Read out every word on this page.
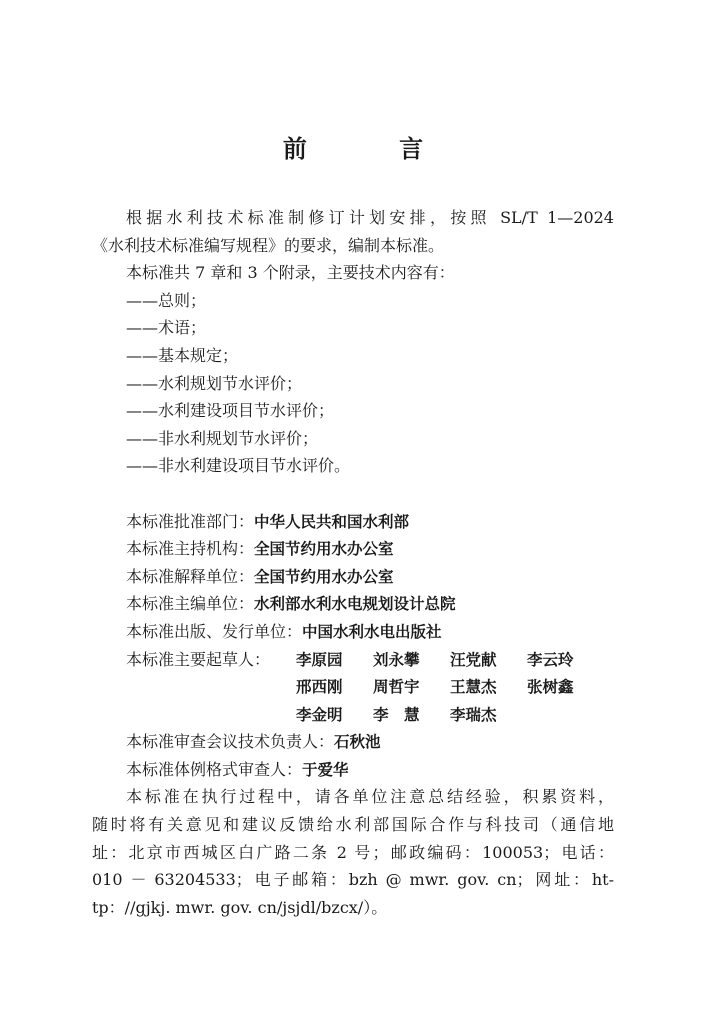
前 言
根据水利技术标准制修订计划安排，按照 SL/T 1—2024
《水利技术标准编写规程》的要求，编制本标准。
本标准共 7 章和 3 个附录，主要技术内容有：
——总则；
——术语；
——基本规定；
——水利规划节水评价；
——水利建设项目节水评价；
——非水利规划节水评价；
——非水利建设项目节水评价。
本标准批准部门：中华人民共和国水利部
本标准主持机构：全国节约用水办公室
本标准解释单位：全国节约用水办公室
本标准主编单位：水利部水利水电规划设计总院
本标准出版、发行单位：中国水利水电出版社
本标准主要起草人： 李原园 刘永攀 汪党献 李云玲
邢西刚 周哲宇 王慧杰 张树鑫
李金明 李　慧 李瑞杰
本标准审查会议技术负责人：石秋池
本标准体例格式审查人：于爱华
本标准在执行过程中，请各单位注意总结经验，积累资料，
随时将有关意见和建议反馈给水利部国际合作与科技司（通信地
址：北京市西城区白广路二条 2 号；邮政编码：100053；电话：
010 － 63204533；电子邮箱：bzh @ mwr. gov. cn；网址：ht-
tp：//gjkj. mwr. gov. cn/jsjdl/bzcx/）。
